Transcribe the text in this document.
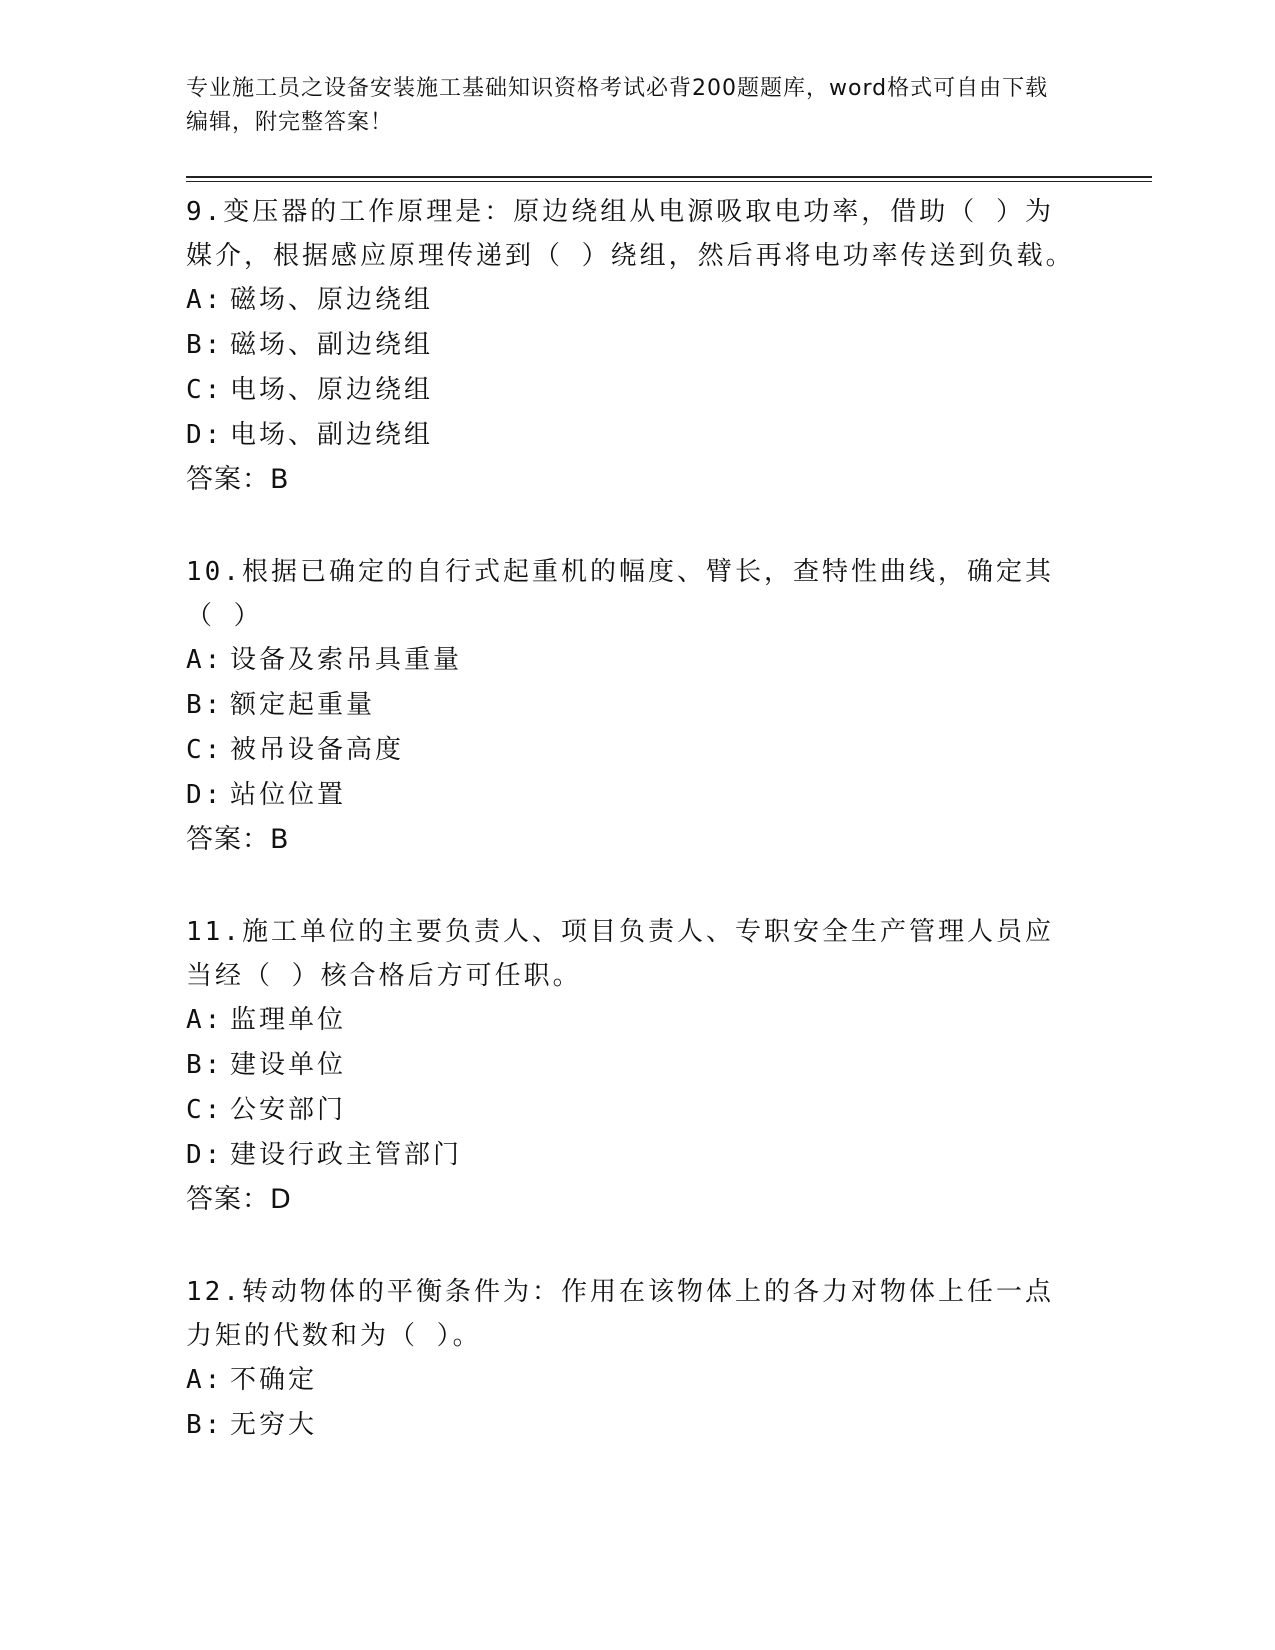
专业施工员之设备安装施工基础知识资格考试必背200题题库，word格式可自由下载编辑，附完整答案！

9.变压器的工作原理是：原边绕组从电源吸取电功率，借助（ ）为媒介，根据感应原理传递到（ ）绕组，然后再将电功率传送到负载。

A: 磁场、原边绕组
B: 磁场、副边绕组
C: 电场、原边绕组
D: 电场、副边绕组

答案：B

10.根据已确定的自行式起重机的幅度、臂长，查特性曲线，确定其（ ）

A: 设备及索吊具重量
B: 额定起重量
C: 被吊设备高度
D: 站位位置

答案：B

11.施工单位的主要负责人、项目负责人、专职安全生产管理人员应当经（ ）核合格后方可任职。

A: 监理单位
B: 建设单位
C: 公安部门
D: 建设行政主管部门

答案：D

12.转动物体的平衡条件为：作用在该物体上的各力对物体上任一点力矩的代数和为（ ）。

A: 不确定
B: 无穷大
